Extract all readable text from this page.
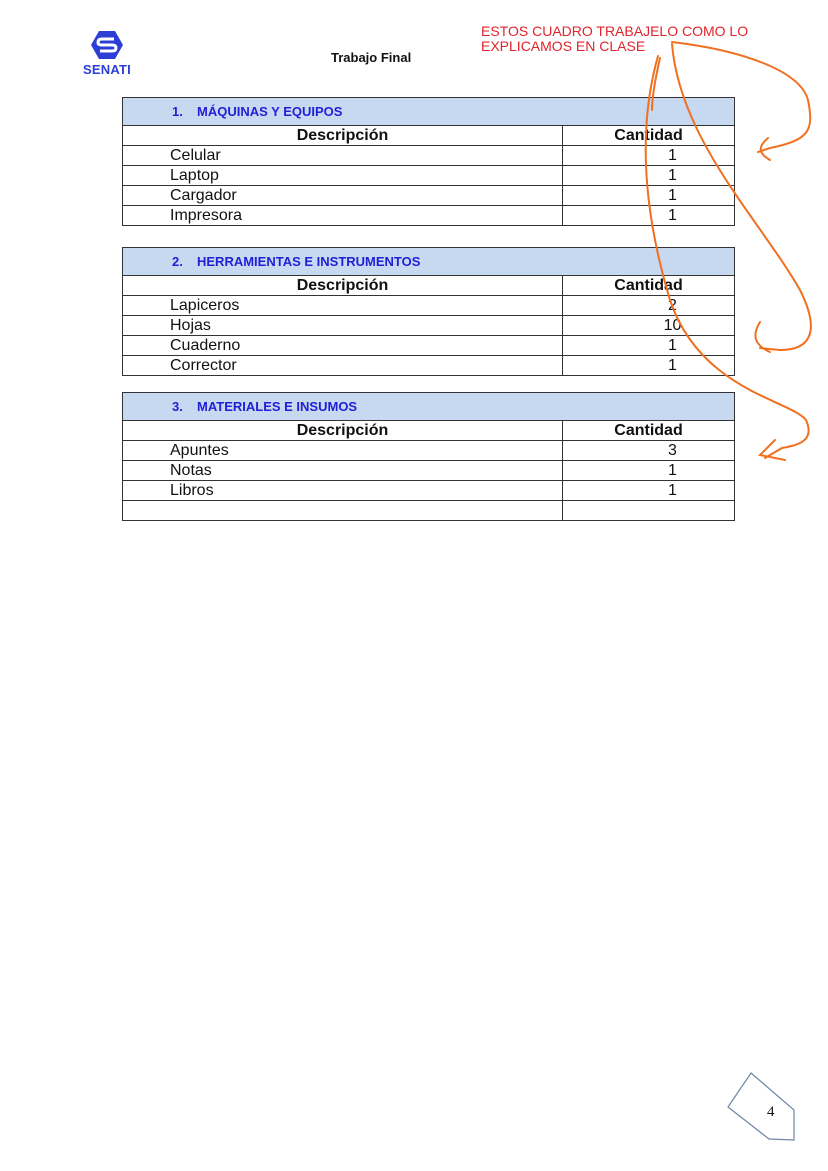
SENATI
Trabajo Final
ESTOS CUADRO TRABAJELO COMO LO
EXPLICAMOS EN CLASE
1. MÁQUINAS Y EQUIPOS
Descripción	Cantidad
Celular	1
Laptop	1
Cargador	1
Impresora	1
2. HERRAMIENTAS E INSTRUMENTOS
Descripción	Cantidad
Lapiceros	2
Hojas	10
Cuaderno	1
Corrector	1
3. MATERIALES E INSUMOS
Descripción	Cantidad
Apuntes	3
Notas	1
Libros	1

4
